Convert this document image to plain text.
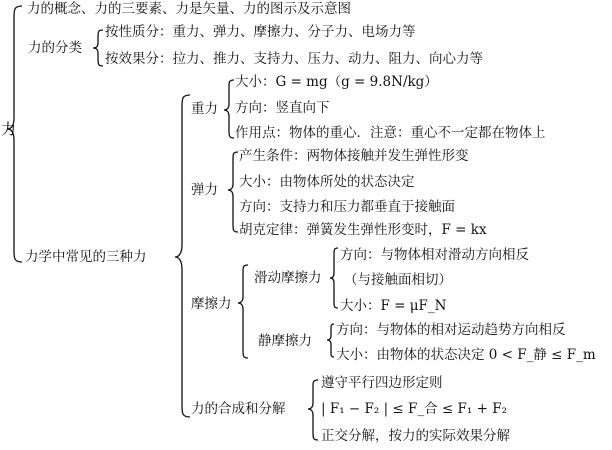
力
力的概念、力的三要素、力是矢量、力的图示及示意图
力的分类
按性质分：重力、弹力、摩擦力、分子力、电场力等
按效果分：拉力、推力、支持力、压力、动力、阻力、向心力等
力学中常见的三种力
重力
大小：G = mg（g = 9.8N/kg）
方向：竖直向下
作用点：物体的重心．注意：重心不一定都在物体上
弹力
产生条件：两物体接触并发生弹性形变
大小：由物体所处的状态决定
方向：支持力和压力都垂直于接触面
胡克定律：弹簧发生弹性形变时，F = kx
摩擦力
滑动摩擦力
方向：与物体相对滑动方向相反
（与接触面相切）
大小：F = μF_N
静摩擦力
方向：与物体的相对运动趋势方向相反
大小：由物体的状态决定 0 < F_静 ≤ F_m
力的合成和分解
遵守平行四边形定则
| F₁ − F₂ | ≤ F_合 ≤ F₁ + F₂
正交分解，按力的实际效果分解
